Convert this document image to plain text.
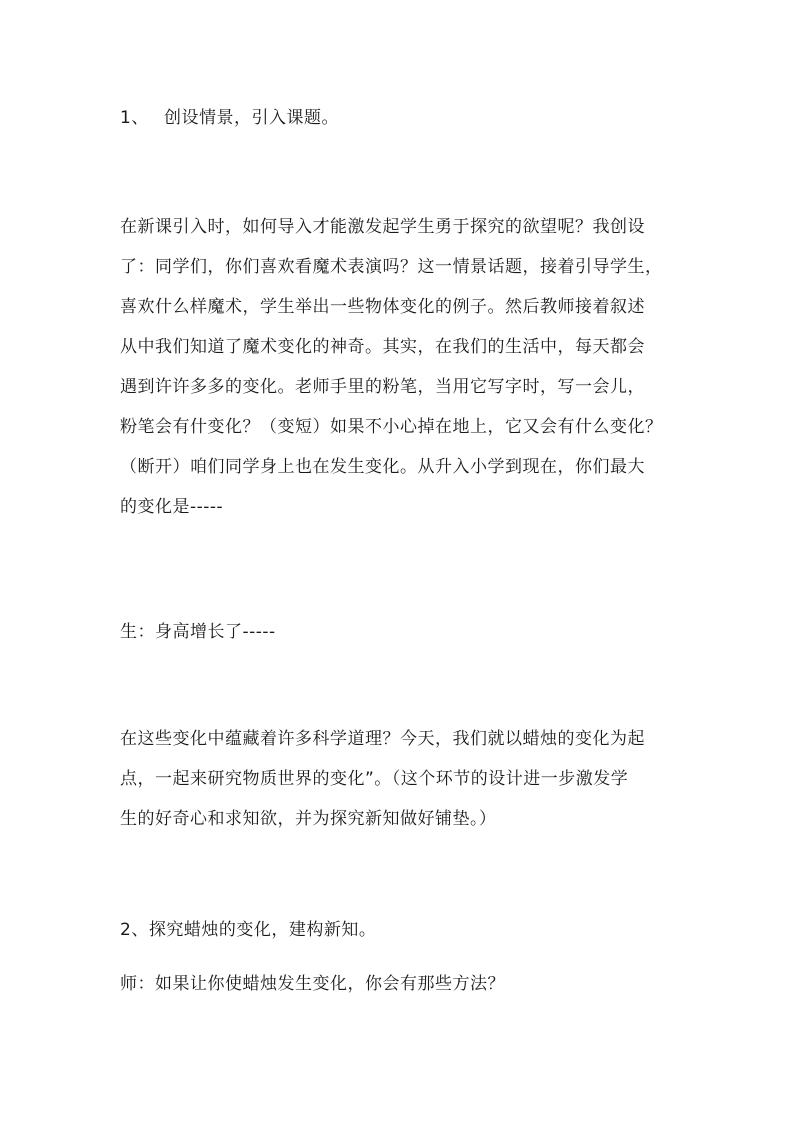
1、 创设情景，引入课题。

在新课引入时，如何导入才能激发起学生勇于探究的欲望呢？我创设

了：同学们，你们喜欢看魔术表演吗？这一情景话题，接着引导学生，

喜欢什么样魔术，学生举出一些物体变化的例子。然后教师接着叙述

从中我们知道了魔术变化的神奇。其实，在我们的生活中，每天都会

遇到许许多多的变化。老师手里的粉笔，当用它写字时，写一会儿，

粉笔会有什变化？（变短）如果不小心掉在地上，它又会有什么变化？

（断开）咱们同学身上也在发生变化。从升入小学到现在，你们最大

的变化是-----

生：身高增长了-----

在这些变化中蕴藏着许多科学道理？今天，我们就以蜡烛的变化为起

点，一起来研究物质世界的变化”。（这个环节的设计进一步激发学

生的好奇心和求知欲，并为探究新知做好铺垫。）

2、探究蜡烛的变化，建构新知。

师：如果让你使蜡烛发生变化，你会有那些方法？
